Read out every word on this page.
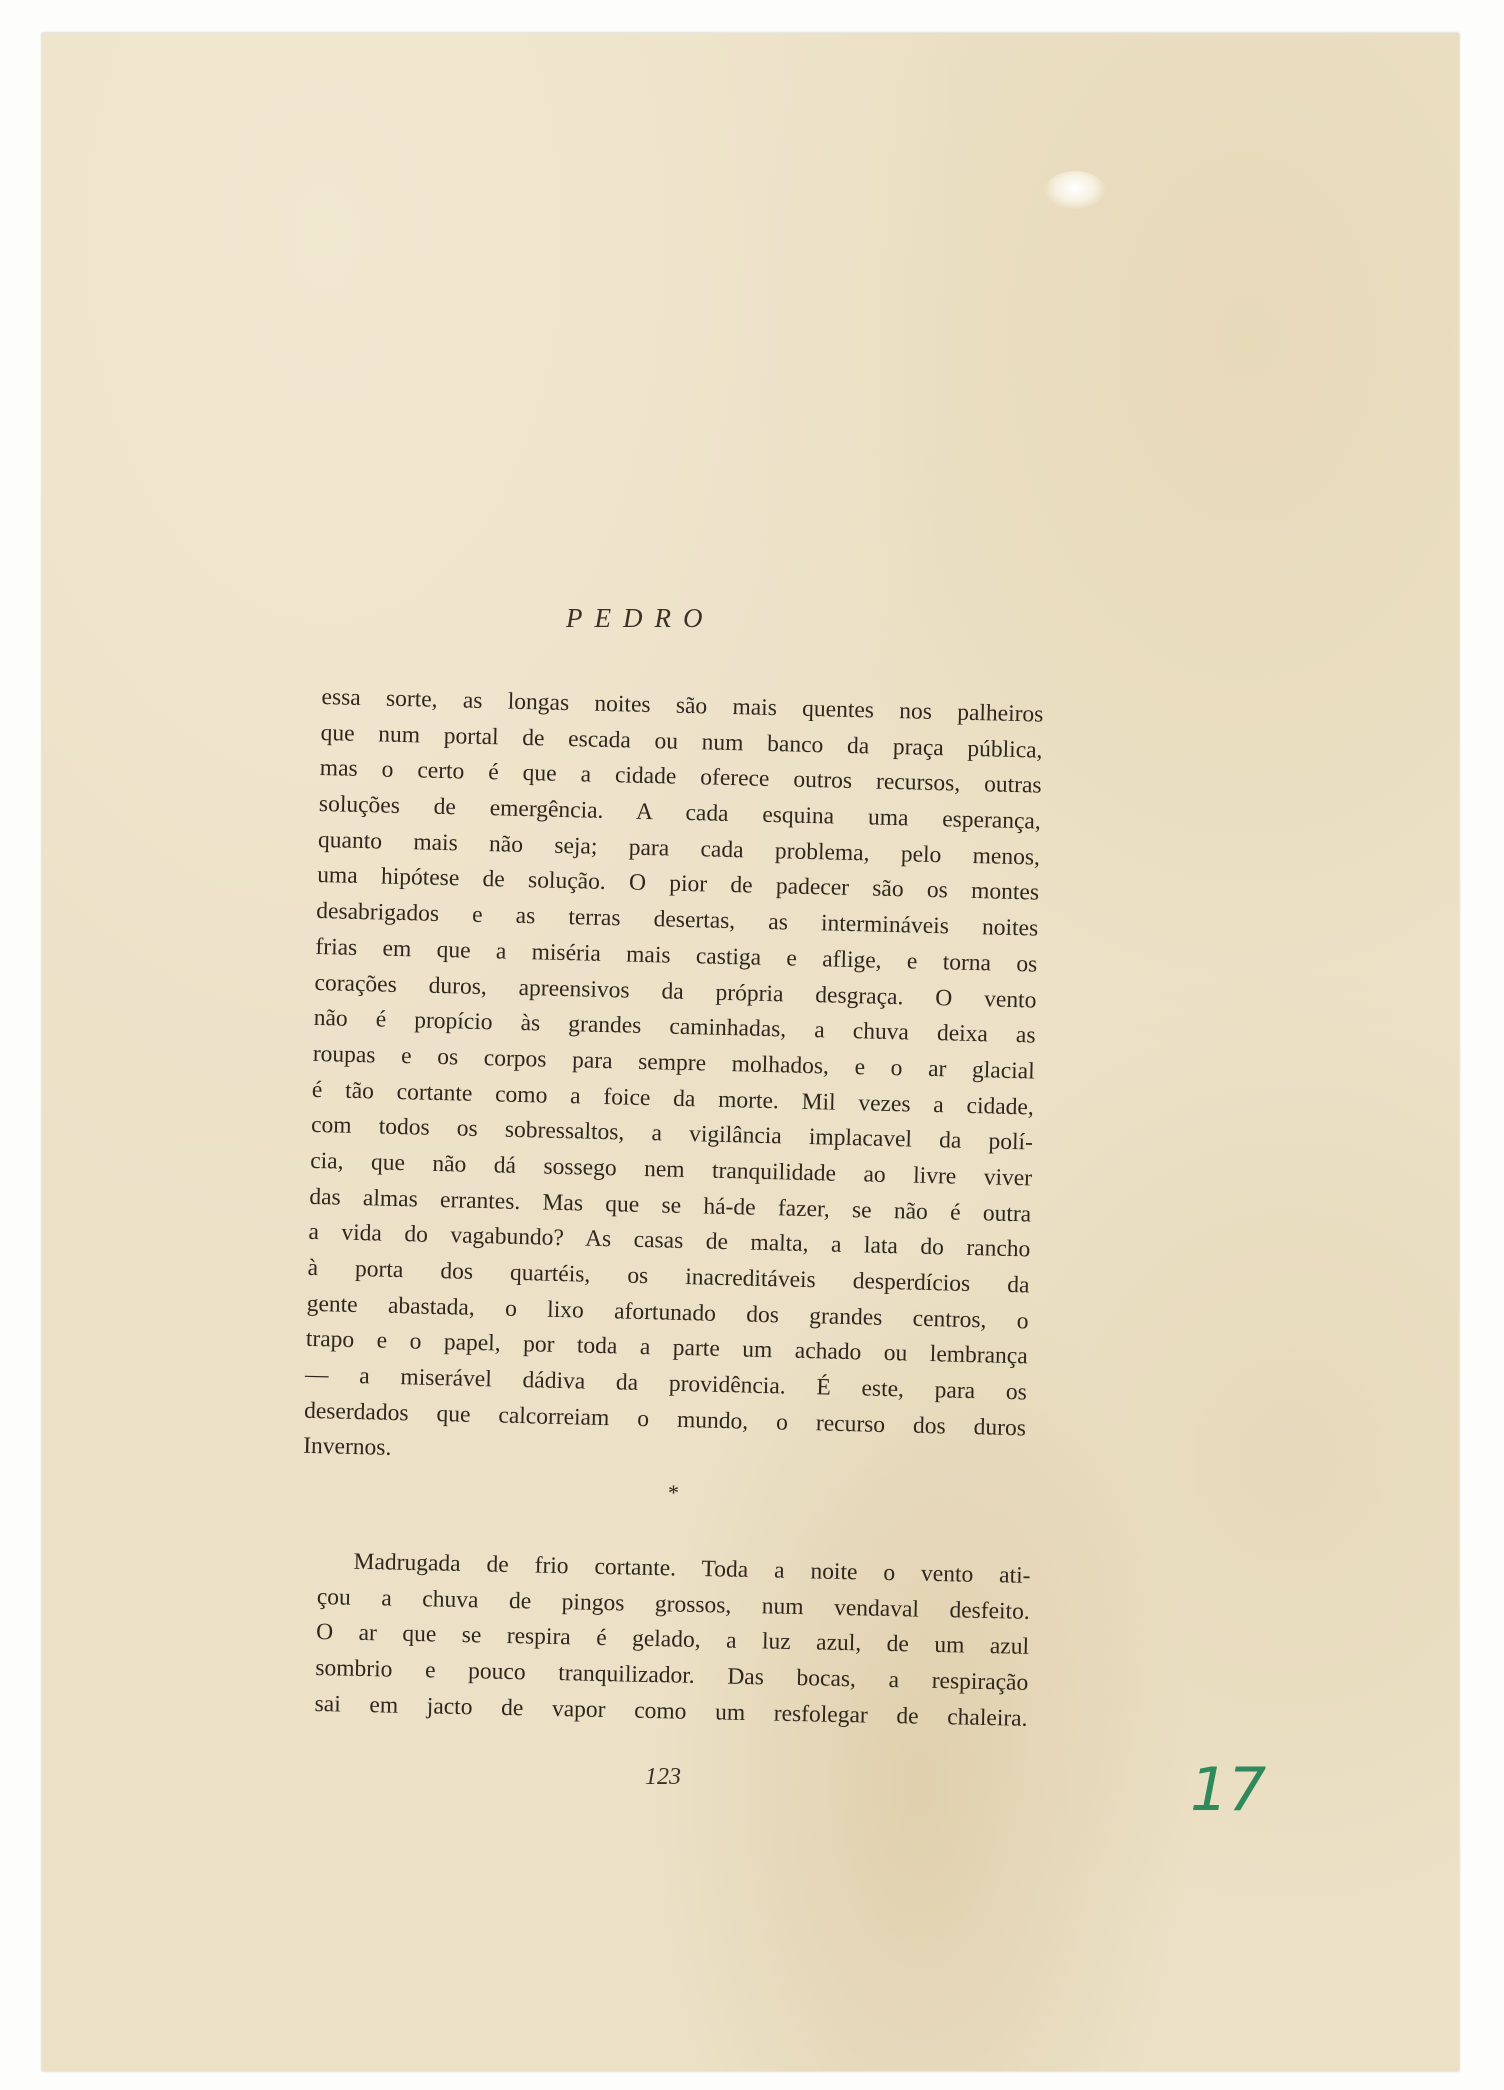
PEDRO
essa sorte, as longas noites são mais quentes nos palheiros
que num portal de escada ou num banco da praça pública,
mas o certo é que a cidade oferece outros recursos, outras
soluções de emergência. A cada esquina uma esperança,
quanto mais não seja; para cada problema, pelo menos,
uma hipótese de solução. O pior de padecer são os montes
desabrigados e as terras desertas, as intermináveis noites
frias em que a miséria mais castiga e aflige, e torna os
corações duros, apreensivos da própria desgraça. O vento
não é propício às grandes caminhadas, a chuva deixa as
roupas e os corpos para sempre molhados, e o ar glacial
é tão cortante como a foice da morte. Mil vezes a cidade,
com todos os sobressaltos, a vigilância implacavel da polí-
cia, que não dá sossego nem tranquilidade ao livre viver
das almas errantes. Mas que se há-de fazer, se não é outra
a vida do vagabundo? As casas de malta, a lata do rancho
à porta dos quartéis, os inacreditáveis desperdícios da
gente abastada, o lixo afortunado dos grandes centros, o
trapo e o papel, por toda a parte um achado ou lembrança
— a miserável dádiva da providência. É este, para os
deserdados que calcorreiam o mundo, o recurso dos duros
Invernos.
*
Madrugada de frio cortante. Toda a noite o vento ati-
çou a chuva de pingos grossos, num vendaval desfeito.
O ar que se respira é gelado, a luz azul, de um azul
sombrio e pouco tranquilizador. Das bocas, a respiração
sai em jacto de vapor como um resfolegar de chaleira.
123	17
